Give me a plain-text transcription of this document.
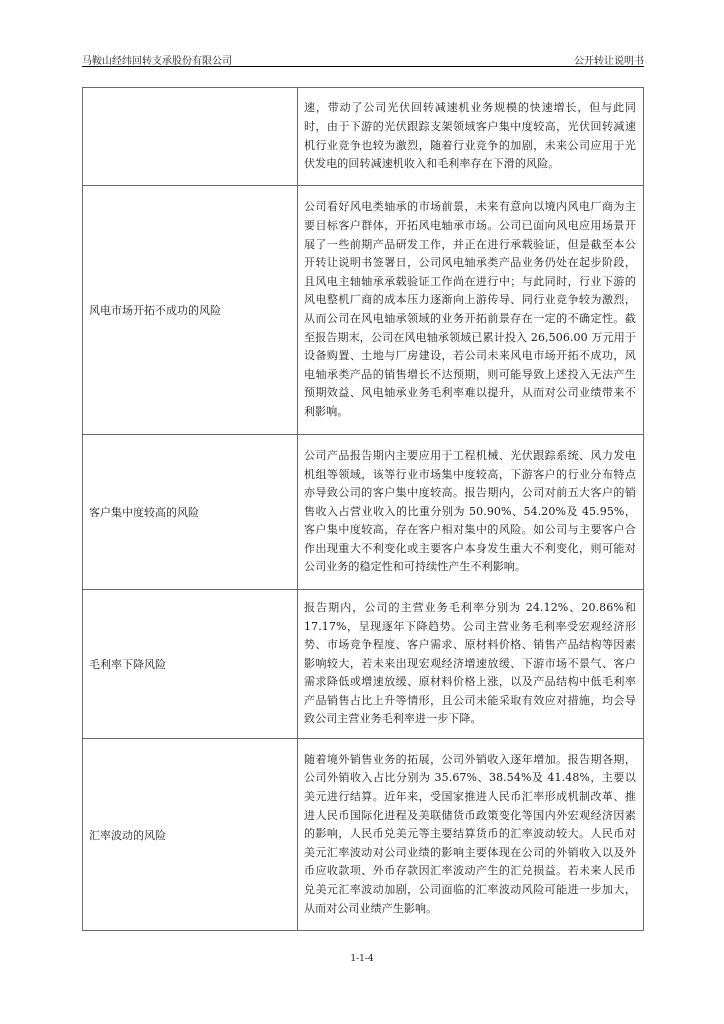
马鞍山经纬回转支承股份有限公司	公开转让说明书
	速，带动了公司光伏回转减速机业务规模的快速增长，但与此同时，由于下游的光伏跟踪支架领域客户集中度较高，光伏回转减速机行业竞争也较为激烈，随着行业竞争的加剧，未来公司应用于光伏发电的回转减速机收入和毛利率存在下滑的风险。
风电市场开拓不成功的风险	公司看好风电类轴承的市场前景，未来有意向以境内风电厂商为主要目标客户群体，开拓风电轴承市场。公司已面向风电应用场景开展了一些前期产品研发工作，并正在进行承载验证，但是截至本公开转让说明书签署日，公司风电轴承类产品业务仍处在起步阶段，且风电主轴轴承承载验证工作尚在进行中；与此同时，行业下游的风电整机厂商的成本压力逐渐向上游传导、同行业竞争较为激烈，从而公司在风电轴承领域的业务开拓前景存在一定的不确定性。截至报告期末，公司在风电轴承领域已累计投入 26,506.00 万元用于设备购置、土地与厂房建设，若公司未来风电市场开拓不成功，风电轴承类产品的销售增长不达预期，则可能导致上述投入无法产生预期效益、风电轴承业务毛利率难以提升，从而对公司业绩带来不利影响。
客户集中度较高的风险	公司产品报告期内主要应用于工程机械、光伏跟踪系统、风力发电机组等领域，该等行业市场集中度较高，下游客户的行业分布特点亦导致公司的客户集中度较高。报告期内，公司对前五大客户的销售收入占营业收入的比重分别为 50.90%、54.20%及 45.95%，客户集中度较高，存在客户相对集中的风险。如公司与主要客户合作出现重大不利变化或主要客户本身发生重大不利变化，则可能对公司业务的稳定性和可持续性产生不利影响。
毛利率下降风险	报告期内，公司的主营业务毛利率分别为 24.12%、20.86%和 17.17%，呈现逐年下降趋势。公司主营业务毛利率受宏观经济形势、市场竞争程度、客户需求、原材料价格、销售产品结构等因素影响较大，若未来出现宏观经济增速放缓、下游市场不景气、客户需求降低或增速放缓、原材料价格上涨，以及产品结构中低毛利率产品销售占比上升等情形，且公司未能采取有效应对措施，均会导致公司主营业务毛利率进一步下降。
汇率波动的风险	随着境外销售业务的拓展，公司外销收入逐年增加。报告期各期，公司外销收入占比分别为 35.67%、38.54%及 41.48%，主要以美元进行结算。近年来，受国家推进人民币汇率形成机制改革、推进人民币国际化进程及美联储货币政策变化等国内外宏观经济因素的影响，人民币兑美元等主要结算货币的汇率波动较大。人民币对美元汇率波动对公司业绩的影响主要体现在公司的外销收入以及外币应收款项、外币存款因汇率波动产生的汇兑损益。若未来人民币兑美元汇率波动加剧，公司面临的汇率波动风险可能进一步加大，从而对公司业绩产生影响。
1-1-4
